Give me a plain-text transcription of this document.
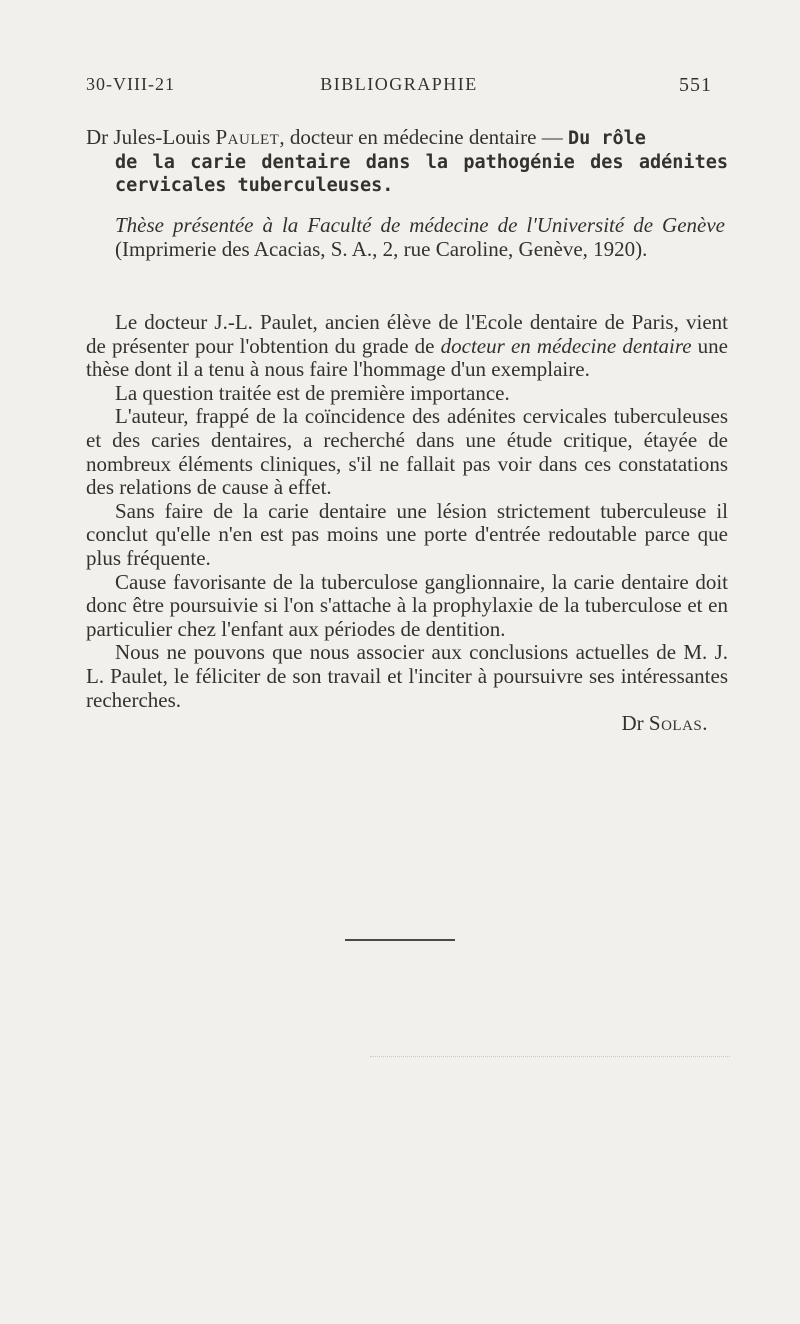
30-VIII-21	BIBLIOGRAPHIE	551
Dr Jules-Louis Paulet, docteur en médecine dentaire — Du rôle
de la carie dentaire dans la pathogénie des adénites cervicales tuberculeuses.
Thèse présentée à la Faculté de médecine de l'Université de Genève (Imprimerie des Acacias, S. A., 2, rue Caroline, Genève, 1920).

Le docteur J.-L. Paulet, ancien élève de l'Ecole dentaire de Paris, vient de présenter pour l'obtention du grade de docteur en médecine dentaire une thèse dont il a tenu à nous faire l'hommage d'un exemplaire.

La question traitée est de première importance.

L'auteur, frappé de la coïncidence des adénites cervicales tuberculeuses et des caries dentaires, a recherché dans une étude critique, étayée de nombreux éléments cliniques, s'il ne fallait pas voir dans ces constatations des relations de cause à effet.

Sans faire de la carie dentaire une lésion strictement tuberculeuse il conclut qu'elle n'en est pas moins une porte d'entrée redoutable parce que plus fréquente.

Cause favorisante de la tuberculose ganglionnaire, la carie dentaire doit donc être poursuivie si l'on s'attache à la prophylaxie de la tuberculose et en particulier chez l'enfant aux périodes de dentition.

Nous ne pouvons que nous associer aux conclusions actuelles de M. J. L. Paulet, le féliciter de son travail et l'inciter à poursuivre ses intéressantes recherches.

Dr Solas.
